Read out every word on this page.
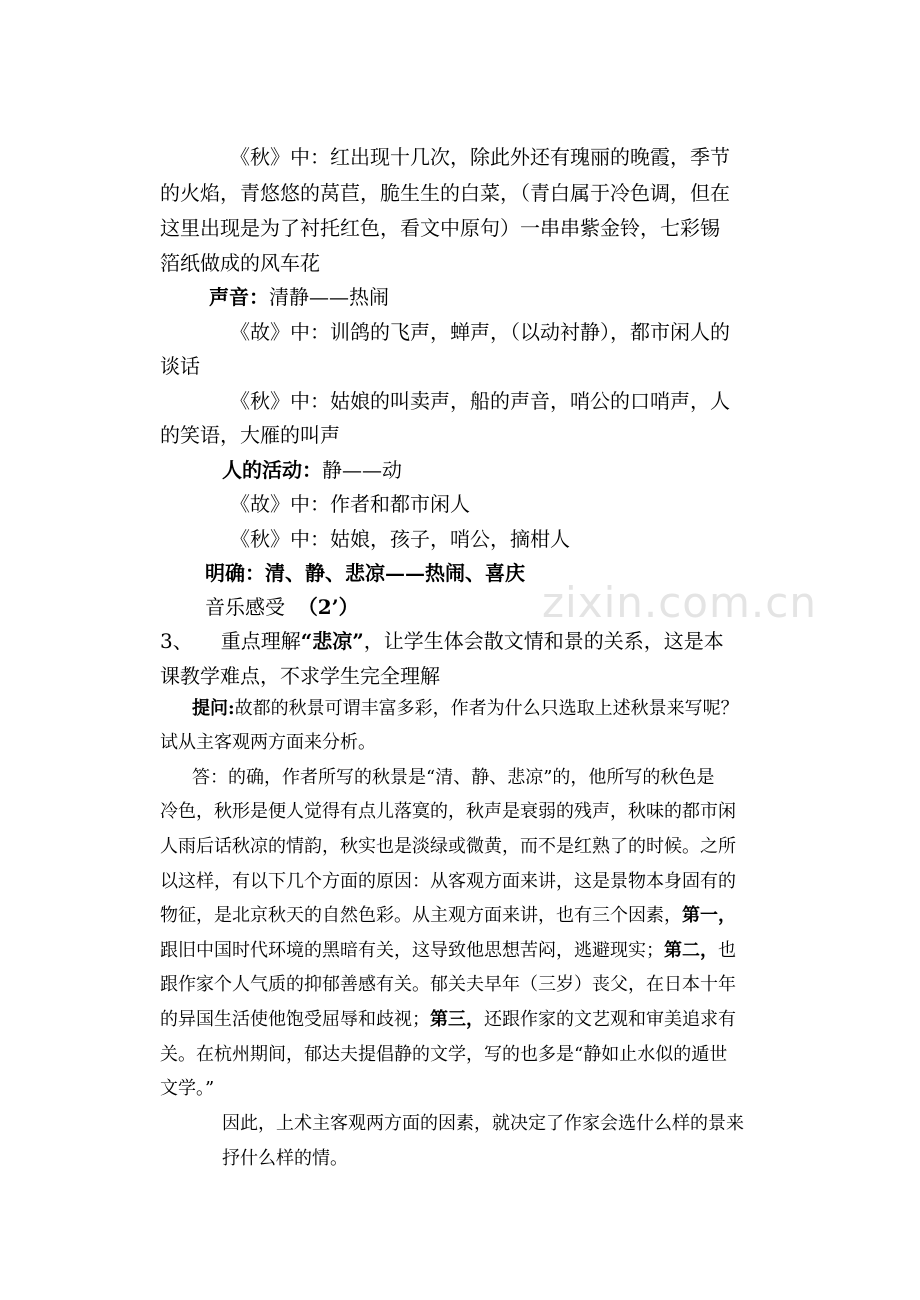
zixin.com.cn
《秋》中：红出现十几次，除此外还有瑰丽的晚霞，季节
的火焰，青悠悠的莴苣，脆生生的白菜，（青白属于冷色调，但在
这里出现是为了衬托红色，看文中原句）一串串紫金铃，七彩锡
箔纸做成的风车花
声音：清静——热闹
《故》中：训鸽的飞声，蝉声，（以动衬静），都市闲人的
谈话
《秋》中：姑娘的叫卖声，船的声音，哨公的口哨声，人
的笑语，大雁的叫声
人的活动：静——动
《故》中：作者和都市闲人
《秋》中：姑娘，孩子，哨公，摘柑人
明确：清、静、悲凉——热闹、喜庆
音乐感受 （2’）
3、 重点理解“悲凉”，让学生体会散文情和景的关系，这是本
课教学难点，不求学生完全理解
提问:故都的秋景可谓丰富多彩，作者为什么只选取上述秋景来写呢？
试从主客观两方面来分析。
答：的确，作者所写的秋景是“清、静、悲凉”的，他所写的秋色是
冷色，秋形是便人觉得有点儿落寞的，秋声是衰弱的残声，秋味的都市闲
人雨后话秋凉的情韵，秋实也是淡绿或微黄，而不是红熟了的时候。之所
以这样，有以下几个方面的原因：从客观方面来讲，这是景物本身固有的
物征，是北京秋天的自然色彩。从主观方面来讲，也有三个因素，第一，
跟旧中国时代环境的黑暗有关，这导致他思想苦闷，逃避现实；第二，也
跟作家个人气质的抑郁善感有关。郁关夫早年（三岁）丧父，在日本十年
的异国生活使他饱受屈辱和歧视；第三，还跟作家的文艺观和审美追求有
关。在杭州期间，郁达夫提倡静的文学，写的也多是“静如止水似的遁世
文学。”
因此，上术主客观两方面的因素，就决定了作家会选什么样的景来
抒什么样的情。
